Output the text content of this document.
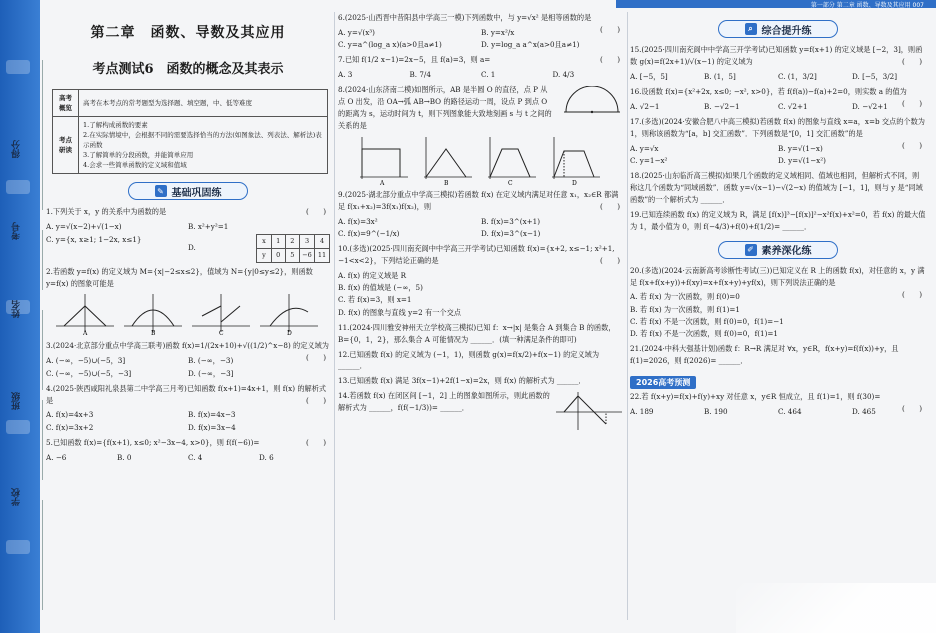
得分
考号
姓名
班级
学校
第一部分 第二章 函数、导数及其应用 007
第二章　函数、导数及其应用
考点测试6　函数的概念及其表示
高考概览	高考在本考点的常考题型为选择题、填空题，中、低等难度
考点研读	1.了解构成函数的要素
2.在实际情境中，会根据不同的需要选择恰当的方法(如图象法、列表法、解析法)表示函数
3.了解简单的分段函数，并能简单应用
4.会求一些简单函数的定义域和值域
✎ 基础巩固练
1.下列关于 x，y 的关系中为函数的是	(　　)
A. y=√(x−2)+√(1−x)	B. x²+y²=1
C. y={x, x≥1; 1−2x, x≤1}
D.
x	1	2	3	4
y	0	5	−6	11
2.若函数 y=f(x) 的定义域为 M={x|−2≤x≤2}，值域为 N={y|0≤y≤2}，则函数 y=f(x) 的图象可能是
A	B	C	D
3.(2024·北京部分重点中学高三联考)函数 f(x)=1/(2x+10)+√((1/2)^x−8) 的定义域为
(　　)
A. (−∞，−5)∪(−5，3]	B. (−∞，−3)
C. (−∞，−5)∪(−5，−3]	D. (−∞，−3]
4.(2025·陕西咸阳礼泉县第二中学高三月考)已知函数 f(x+1)=4x+1，则 f(x) 的解析式是	(　　)
A. f(x)=4x+3	B. f(x)=4x−3
C. f(x)=3x+2	D. f(x)=3x−4
5.已知函数 f(x)={f(x+1), x≤0; x²−3x−4, x>0}，则 f(f(−6))=	(　　)
A. −6	B. 0	C. 4	D. 6
6.(2025·山西晋中昔阳县中学高三一模)下列函数中，与 y=√x² 是相等函数的是
(　　)
A. y=√(x³)	B. y=x²/x
C. y=a^(log_a x)(a>0且a≠1)	D. y=log_a a^x(a>0且a≠1)
7.已知 f(1/2 x−1)=2x−5，且 f(a)=3，则 a=	(　　)
A. 3	B. 7/4	C. 1	D. 4/3
8.(2024·山东济南二模)如图所示，AB 是半圆 O 的直径，点 P 从点 O 出发，沿 OA→弧 AB→BO 的路径运动一周，设点 P 到点 O 的距离为 s，运动时间为 t，则下列图象能大致地刻画 s 与 t 之间的关系的是
A	B	C	D
9.(2025·湖北部分重点中学高三模拟)若函数 f(x) 在定义域内满足对任意 x₁，x₂∈R 都满足 f(x₁+x₂)=3f(x₁)f(x₂)，则	(　　)
A. f(x)=3x²	B. f(x)=3^(x+1)
C. f(x)=9^(−1/x)	D. f(x)=3^(x−1)
10.(多选)(2025·四川南充阆中中学高三开学考试)已知函数 f(x)={x+2, x≤−1; x²+1, −1<x<2}，下列结论正确的是	(　　)
A. f(x) 的定义域是 R
B. f(x) 的值域是 (−∞，5)
C. 若 f(x)=3，则 x=1
D. f(x) 的图象与直线 y=2 有一个交点
11.(2024·四川雅安神州天立学校高三模拟)已知 f：x→|x| 是集合 A 到集合 B 的函数，B={0，1，2}，那么集合 A 可能情况为 ______．(填一种满足条件的即可)
12.已知函数 f(x) 的定义域为 (−1，1)，则函数 g(x)=f(x/2)+f(x−1) 的定义域为 ______．
13.已知函数 f(x) 满足 3f(x−1)+2f(1−x)=2x，则 f(x) 的解析式为 ______．
14.若函数 f(x) 在闭区间 [−1，2] 上的图象如图所示，则此函数的解析式为 ______，f(f(−1/3))= ______．
⌕ 综合提升练
15.(2025·四川南充阆中中学高三开学考试)已知函数 y=f(x+1) 的定义域是 [−2，3]，则函数 g(x)=f(2x+1)/√(x−1) 的定义域为	(　　)
A. [−5，5]	B. (1，5]	C. (1，3/2]	D. [−5，3/2]
16.设函数 f(x)={x²+2x, x≤0; −x², x>0}，若 f(f(a))−f(a)+2=0，则实数 a 的值为
(　　)
A. √2−1	B. −√2−1	C. √2+1	D. −√2+1
17.(多选)(2024·安徽合肥八中高三模拟)若函数 f(x) 的图象与直线 x=a，x=b 交点的个数为 1，则称该函数为“[a，b] 交汇函数”．下列函数是“[0，1] 交汇函数”的是
(　　)
A. y=√x	B. y=√(1−x)
C. y=1−x²	D. y=√(1−x²)
18.(2025·山东临沂高三模拟)如果几个函数的定义域相同、值域也相同，但解析式不同，则称这几个函数为“同域函数”．函数 y=√(x−1)−√(2−x) 的值域为 [−1，1]，则与 y 是“同域函数”的一个解析式为 ______．
19.已知连续函数 f(x) 的定义域为 R，满足 [f(x)]³−[f(x)]²−x²f(x)+x²=0，若 f(x) 的最大值为 1，最小值为 0，则 f(−4/3)+f(0)+f(1/2)= ______．
✐ 素养深化练
20.(多选)(2024·云南新高考诊断性考试(三))已知定义在 R 上的函数 f(x)，对任意的 x，y 满足 f(x+f(x+y))+f(xy)=x+f(x+y)+yf(x)，则下列说法正确的是
(　　)
A. 若 f(x) 为一次函数，则 f(0)=0
B. 若 f(x) 为一次函数，则 f(1)=1
C. 若 f(x) 不是一次函数，则 f(0)=0，f(1)=−1
D. 若 f(x) 不是一次函数，则 f(0)=0，f(1)=1
21.(2024·中科大强基计划)函数 f：R→R 满足对 ∀x，y∈R，f(x+y)=f(f(x))+y，且 f(1)=2026，则 f(2026)= ______．
2026高考预测
22.若 f(x+y)=f(x)+f(y)+xy 对任意 x，y∈R 恒成立，且 f(1)=1，则 f(30)=
(　　)
A. 189	B. 190	C. 464	D. 465
